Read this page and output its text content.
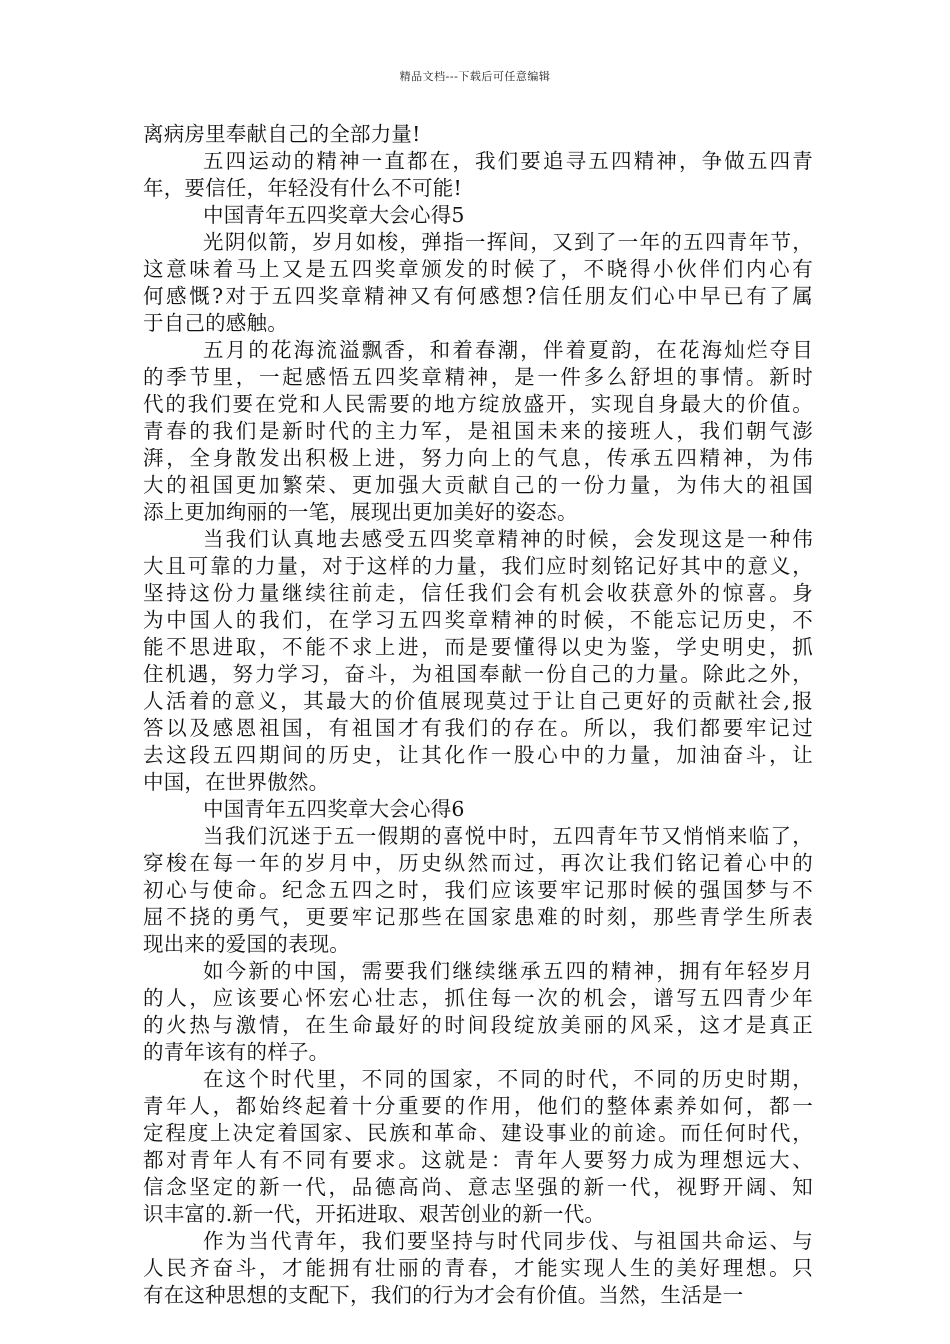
精品文档---下载后可任意编辑
离病房里奉献自己的全部力量!
五四运动的精神一直都在，我们要追寻五四精神，争做五四青
年，要信任，年轻没有什么不可能!
中国青年五四奖章大会心得5
光阴似箭，岁月如梭，弹指一挥间，又到了一年的五四青年节，
这意味着马上又是五四奖章颁发的时候了，不晓得小伙伴们内心有
何感慨?对于五四奖章精神又有何感想?信任朋友们心中早已有了属
于自己的感触。
五月的花海流溢飘香，和着春潮，伴着夏韵，在花海灿烂夺目
的季节里，一起感悟五四奖章精神，是一件多么舒坦的事情。新时
代的我们要在党和人民需要的地方绽放盛开，实现自身最大的价值。
青春的我们是新时代的主力军，是祖国未来的接班人，我们朝气澎
湃，全身散发出积极上进，努力向上的气息，传承五四精神，为伟
大的祖国更加繁荣、更加强大贡献自己的一份力量，为伟大的祖国
添上更加绚丽的一笔，展现出更加美好的姿态。
当我们认真地去感受五四奖章精神的时候，会发现这是一种伟
大且可靠的力量，对于这样的力量，我们应时刻铭记好其中的意义，
坚持这份力量继续往前走，信任我们会有机会收获意外的惊喜。身
为中国人的我们，在学习五四奖章精神的时候，不能忘记历史，不
能不思进取，不能不求上进，而是要懂得以史为鉴，学史明史，抓
住机遇，努力学习，奋斗，为祖国奉献一份自己的力量。除此之外，
人活着的意义，其最大的价值展现莫过于让自己更好的贡献社会,报
答以及感恩祖国，有祖国才有我们的存在。所以，我们都要牢记过
去这段五四期间的历史，让其化作一股心中的力量，加油奋斗，让
中国，在世界傲然。
中国青年五四奖章大会心得6
当我们沉迷于五一假期的喜悦中时，五四青年节又悄悄来临了，
穿梭在每一年的岁月中，历史纵然而过，再次让我们铭记着心中的
初心与使命。纪念五四之时，我们应该要牢记那时候的强国梦与不
屈不挠的勇气，更要牢记那些在国家患难的时刻，那些青学生所表
现出来的爱国的表现。
如今新的中国，需要我们继续继承五四的精神，拥有年轻岁月
的人，应该要心怀宏心壮志，抓住每一次的机会，谱写五四青少年
的火热与激情，在生命最好的时间段绽放美丽的风采，这才是真正
的青年该有的样子。
在这个时代里，不同的国家，不同的时代，不同的历史时期，
青年人，都始终起着十分重要的作用，他们的整体素养如何，都一
定程度上决定着国家、民族和革命、建设事业的前途。而任何时代，
都对青年人有不同有要求。这就是：青年人要努力成为理想远大、
信念坚定的新一代，品德高尚、意志坚强的新一代，视野开阔、知
识丰富的.新一代，开拓进取、艰苦创业的新一代。
作为当代青年，我们要坚持与时代同步伐、与祖国共命运、与
人民齐奋斗，才能拥有壮丽的青春，才能实现人生的美好理想。只
有在这种思想的支配下，我们的行为才会有价值。当然，生活是一
